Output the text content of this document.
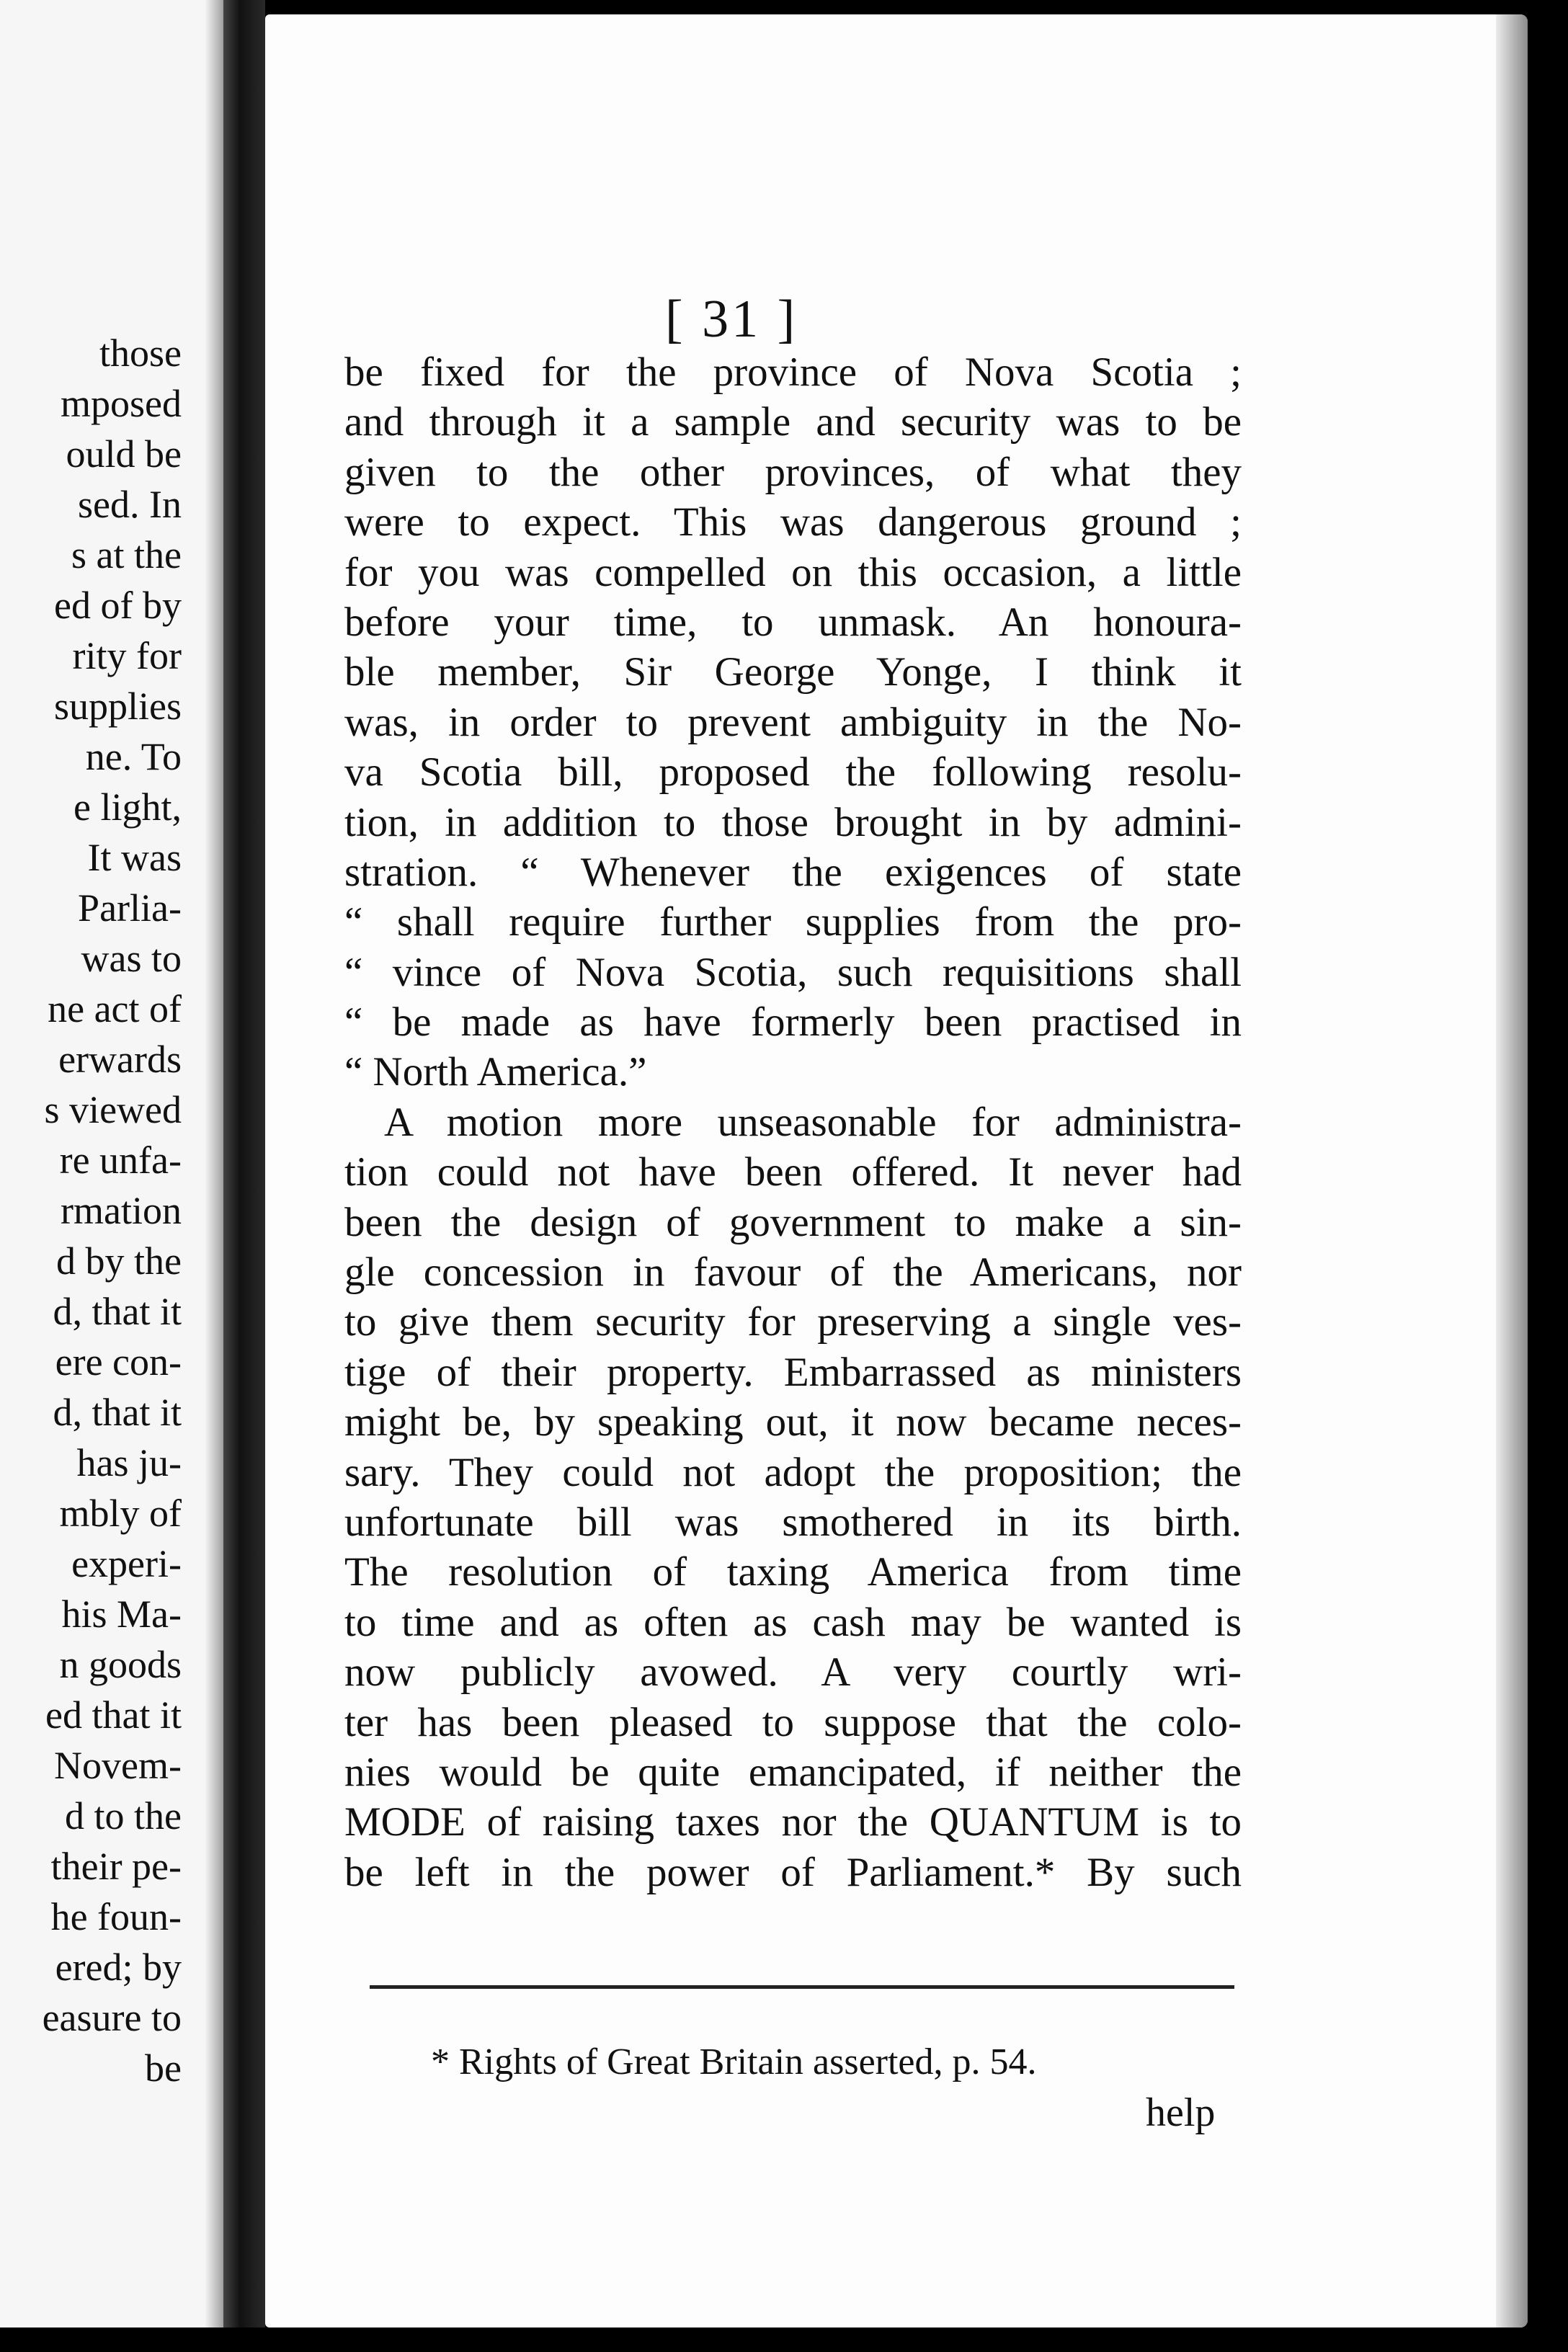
those
mposed
ould be
sed. In
s at the
ed of by
rity for
supplies
ne. To
e light,
It was
Parlia-
was to
ne act of
erwards
s viewed
re unfa-
rmation
d by the
d, that it
ere con-
d, that it
has ju-
mbly of
experi-
his Ma-
n goods
ed that it
Novem-
d to the
their pe-
he foun-
ered; by
easure to
be
[ 31 ]
be fixed for the province of Nova Scotia ;
and through it a sample and security was to be
given to the other provinces, of what they
were to expect. This was dangerous ground ;
for you was compelled on this occasion, a little
before your time, to unmask. An honoura-
ble member, Sir George Yonge, I think it
was, in order to prevent ambiguity in the No-
va Scotia bill, proposed the following resolu-
tion, in addition to those brought in by admini-
stration. “ Whenever the exigences of state
“ shall require further supplies from the pro-
“ vince of Nova Scotia, such requisitions shall
“ be made as have formerly been practised in
“ North America.”
A motion more unseasonable for administra-
tion could not have been offered. It never had
been the design of government to make a sin-
gle concession in favour of the Americans, nor
to give them security for preserving a single ves-
tige of their property. Embarrassed as ministers
might be, by speaking out, it now became neces-
sary. They could not adopt the proposition; the
unfortunate bill was smothered in its birth.
The resolution of taxing America from time
to time and as often as cash may be wanted is
now publicly avowed. A very courtly wri-
ter has been pleased to suppose that the colo-
nies would be quite emancipated, if neither the
MODE of raising taxes nor the QUANTUM is to
be left in the power of Parliament.* By such
* Rights of Great Britain asserted, p. 54.
help
